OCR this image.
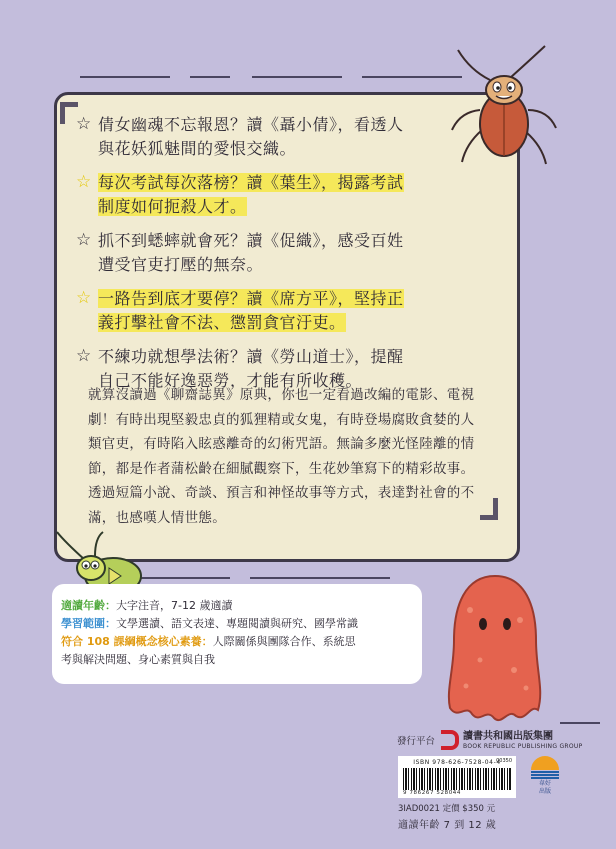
☆ 倩女幽魂不忘報恩？讀《聶小倩》，看透人
與花妖狐魅間的愛恨交織。
☆ 每次考試每次落榜？讀《葉生》，揭露考試
制度如何扼殺人才。
☆ 抓不到蟋蟀就會死？讀《促織》，感受百姓
遭受官吏打壓的無奈。
☆ 一路告到底才要停？讀《席方平》，堅持正
義打擊社會不法、懲罰貪官汙吏。
☆ 不練功就想學法術？讀《勞山道士》，提醒
自己不能好逸惡勞，才能有所收穫。
就算沒讀過《聊齋誌異》原典，你也一定看過改編的電影、電視
劇！有時出現堅毅忠貞的狐狸精或女鬼，有時登場腐敗貪婪的人
類官吏，有時陷入眩惑離奇的幻術咒語。無論多麼光怪陸離的情
節，都是作者蒲松齡在細膩觀察下，生花妙筆寫下的精彩故事。
透過短篇小說、奇談、預言和神怪故事等方式，表達對社會的不
滿，也感嘆人情世態。
適讀年齡：大字注音，7-12 歲適讀
學習範圍：文學選讀、語文表達、專題閱讀與研究、國學常識
符合 108 課綱概念核心素養：人際關係與團隊合作、系統思
考與解決問題、身心素質與自我
發行平台	讀書共和國出版集團
BOOK REPUBLIC PUBLISHING GROUP
ISBN 978-626-7528-04-4
00350
9 786267 528044
韋好
出版
3IAD0021 定價 $350 元
適讀年齡 7 到 12 歲
